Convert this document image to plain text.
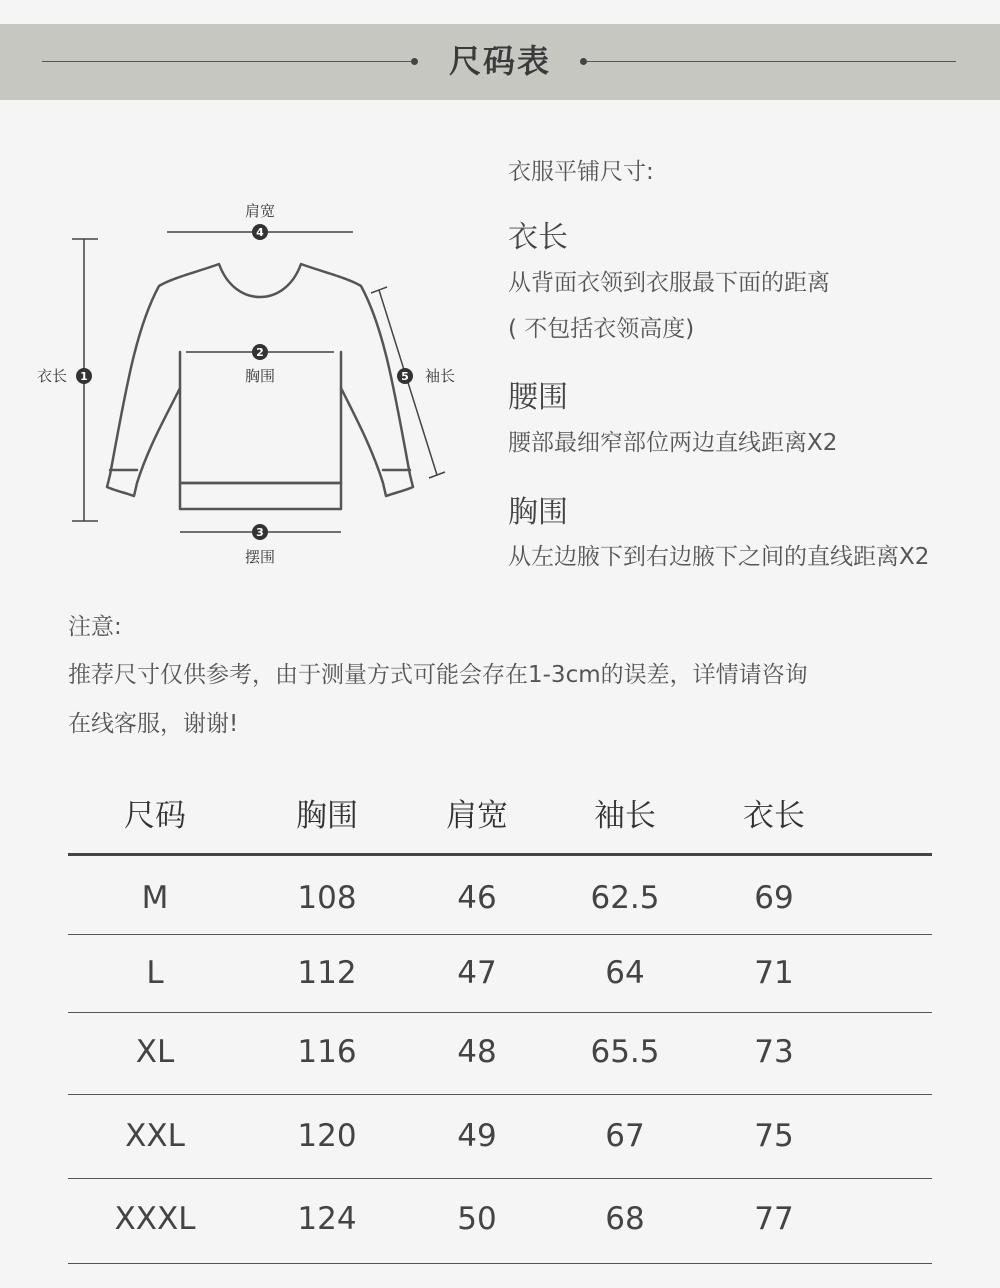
尺码表
4
2
3
1	5
肩宽
胸围
摆围
衣长	袖长
衣服平铺尺寸:
衣长
从背面衣领到衣服最下面的距离
( 不包括衣领高度)
腰围
腰部最细窄部位两边直线距离X2
胸围
从左边腋下到右边腋下之间的直线距离X2
注意:
推荐尺寸仅供参考，由于测量方式可能会存在1-3cm的误差，详情请咨询
在线客服，谢谢!
尺码	胸围	肩宽	袖长	衣长
M	108	46	62.5	69
L	112	47	64	71
XL	116	48	65.5	73
XXL	120	49	67	75
XXXL	124	50	68	77
